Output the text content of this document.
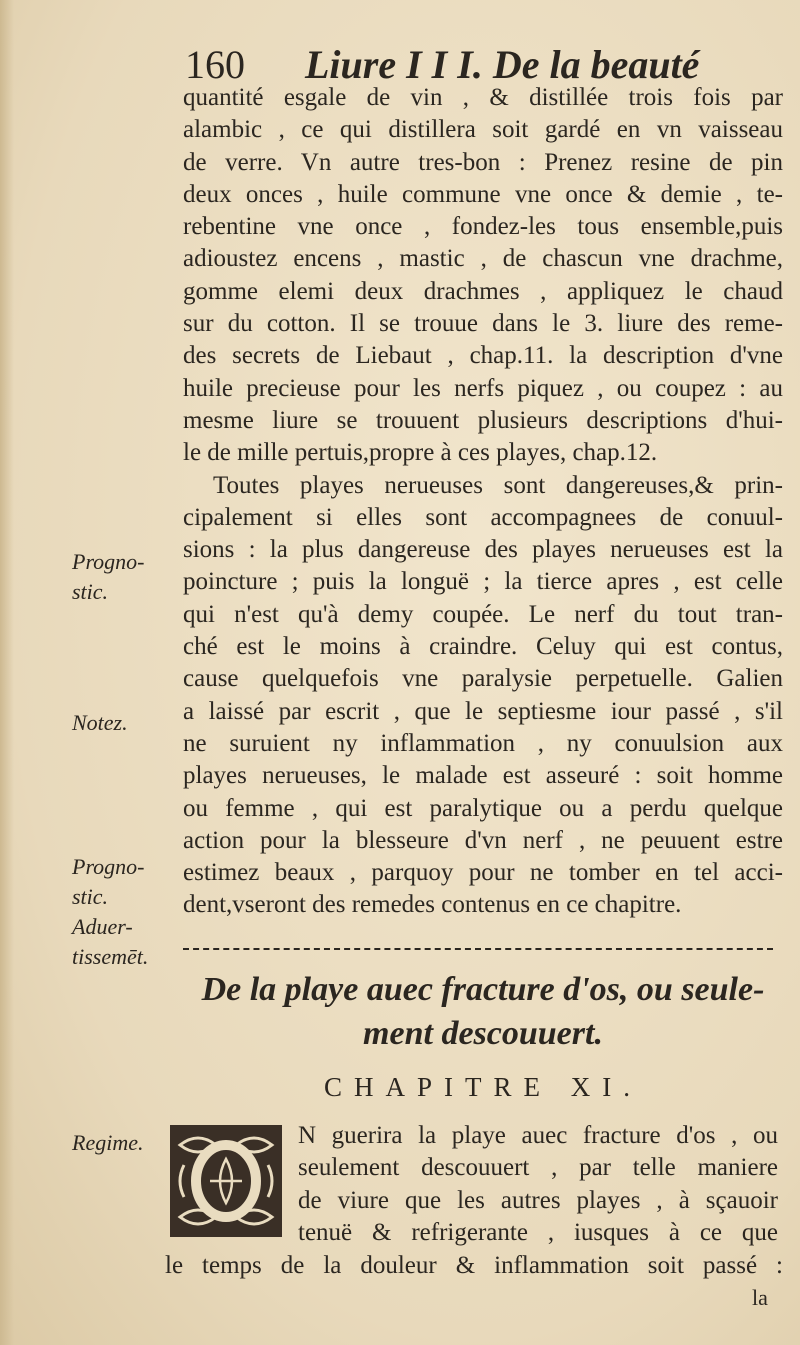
160 Liure I I I. De la beauté
quantité esgale de vin , & distillée trois fois par
alambic , ce qui distillera soit gardé en vn vaisseau
de verre. Vn autre tres-bon : Prenez resine de pin
deux onces , huile commune vne once & demie , te-
rebentine vne once , fondez-les tous ensemble,puis
adioustez encens , mastic , de chascun vne drachme,
gomme elemi deux drachmes , appliquez le chaud
sur du cotton. Il se trouue dans le 3. liure des reme-
des secrets de Liebaut , chap.11. la description d'vne
huile precieuse pour les nerfs piquez , ou coupez : au
mesme liure se trouuent plusieurs descriptions d'hui-
le de mille pertuis,propre à ces playes, chap.12.
Toutes playes nerueuses sont dangereuses,& prin-
cipalement si elles sont accompagnees de conuul-
sions : la plus dangereuse des playes nerueuses est la
poincture ; puis la longuë ; la tierce apres , est celle
qui n'est qu'à demy coupée. Le nerf du tout tran-
ché est le moins à craindre. Celuy qui est contus,
cause quelquefois vne paralysie perpetuelle. Galien
a laissé par escrit , que le septiesme iour passé , s'il
ne suruient ny inflammation , ny conuulsion aux
playes nerueuses, le malade est asseuré : soit homme
ou femme , qui est paralytique ou a perdu quelque
action pour la blesseure d'vn nerf , ne peuuent estre
estimez beaux , parquoy pour ne tomber en tel acci-
dent,vseront des remedes contenus en ce chapitre.
Progno-
stic.
Notez.
Progno-
stic.
Aduer-
tissemēt.
Regime.
De la playe auec fracture d'os, ou seule-
ment descouuert.
CHAPITRE XI.
N guerira la playe auec fracture d'os , ou
seulement descouuert , par telle maniere
de viure que les autres playes , à sçauoir
tenuë & refrigerante , iusques à ce que
le temps de la douleur & inflammation soit passé :
la
